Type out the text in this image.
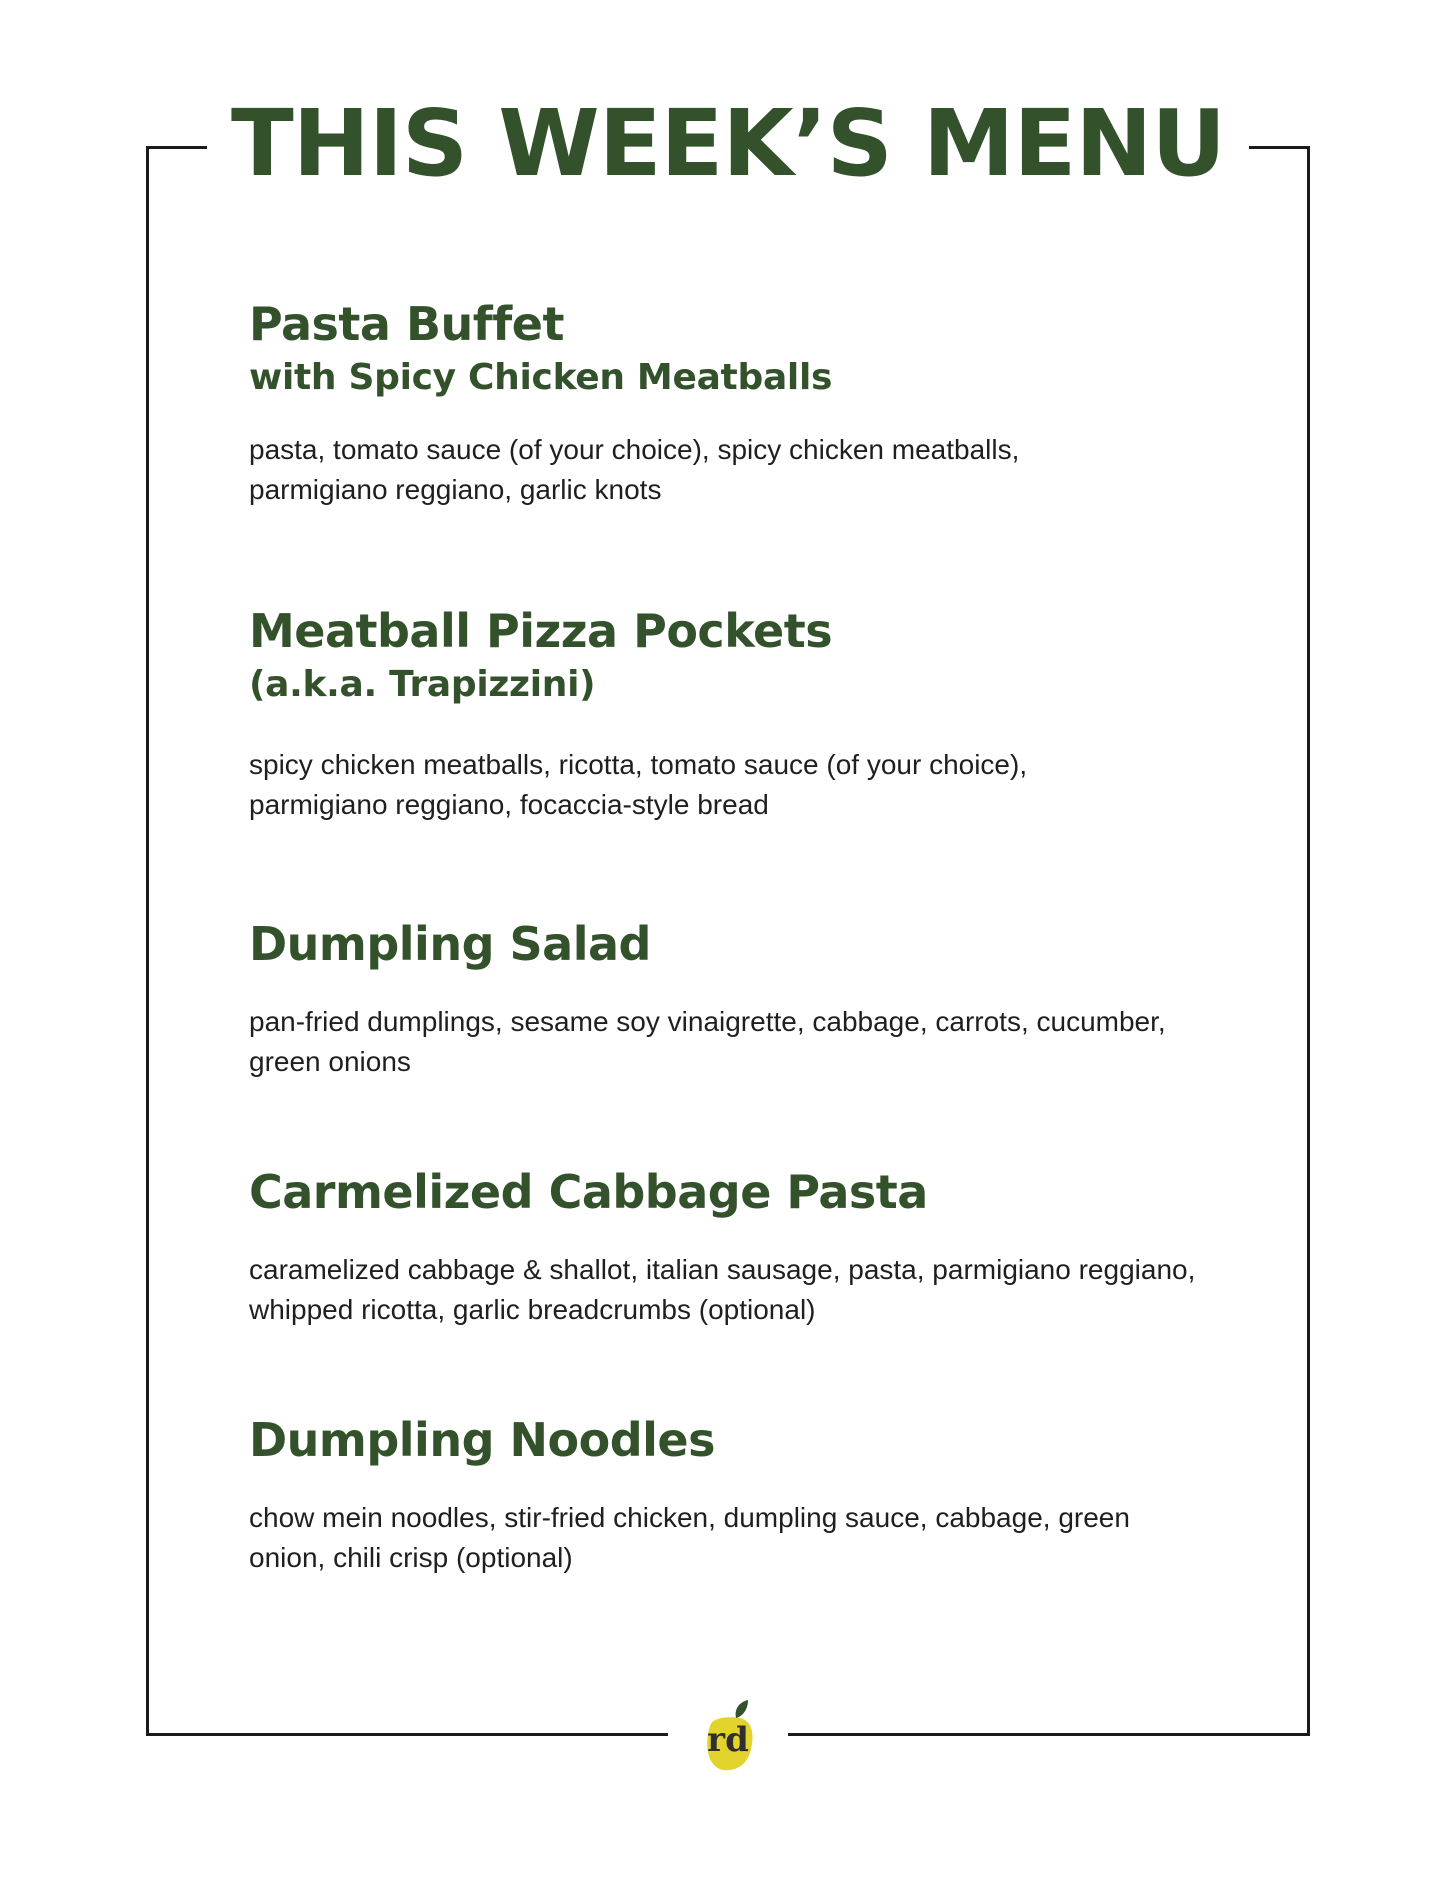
THIS WEEK’S MENU
Pasta Buffet
with Spicy Chicken Meatballs

pasta, tomato sauce (of your choice), spicy chicken meatballs, parmigiano reggiano, garlic knots

Meatball Pizza Pockets
(a.k.a. Trapizzini)

spicy chicken meatballs, ricotta, tomato sauce (of your choice), parmigiano reggiano, focaccia-style bread

Dumpling Salad

pan-fried dumplings, sesame soy vinaigrette, cabbage, carrots, cucumber, green onions

Carmelized Cabbage Pasta

caramelized cabbage & shallot, italian sausage, pasta, parmigiano reggiano, whipped ricotta, garlic breadcrumbs (optional)

Dumpling Noodles

chow mein noodles, stir-fried chicken, dumpling sauce, cabbage, green onion, chili crisp (optional)

rd
